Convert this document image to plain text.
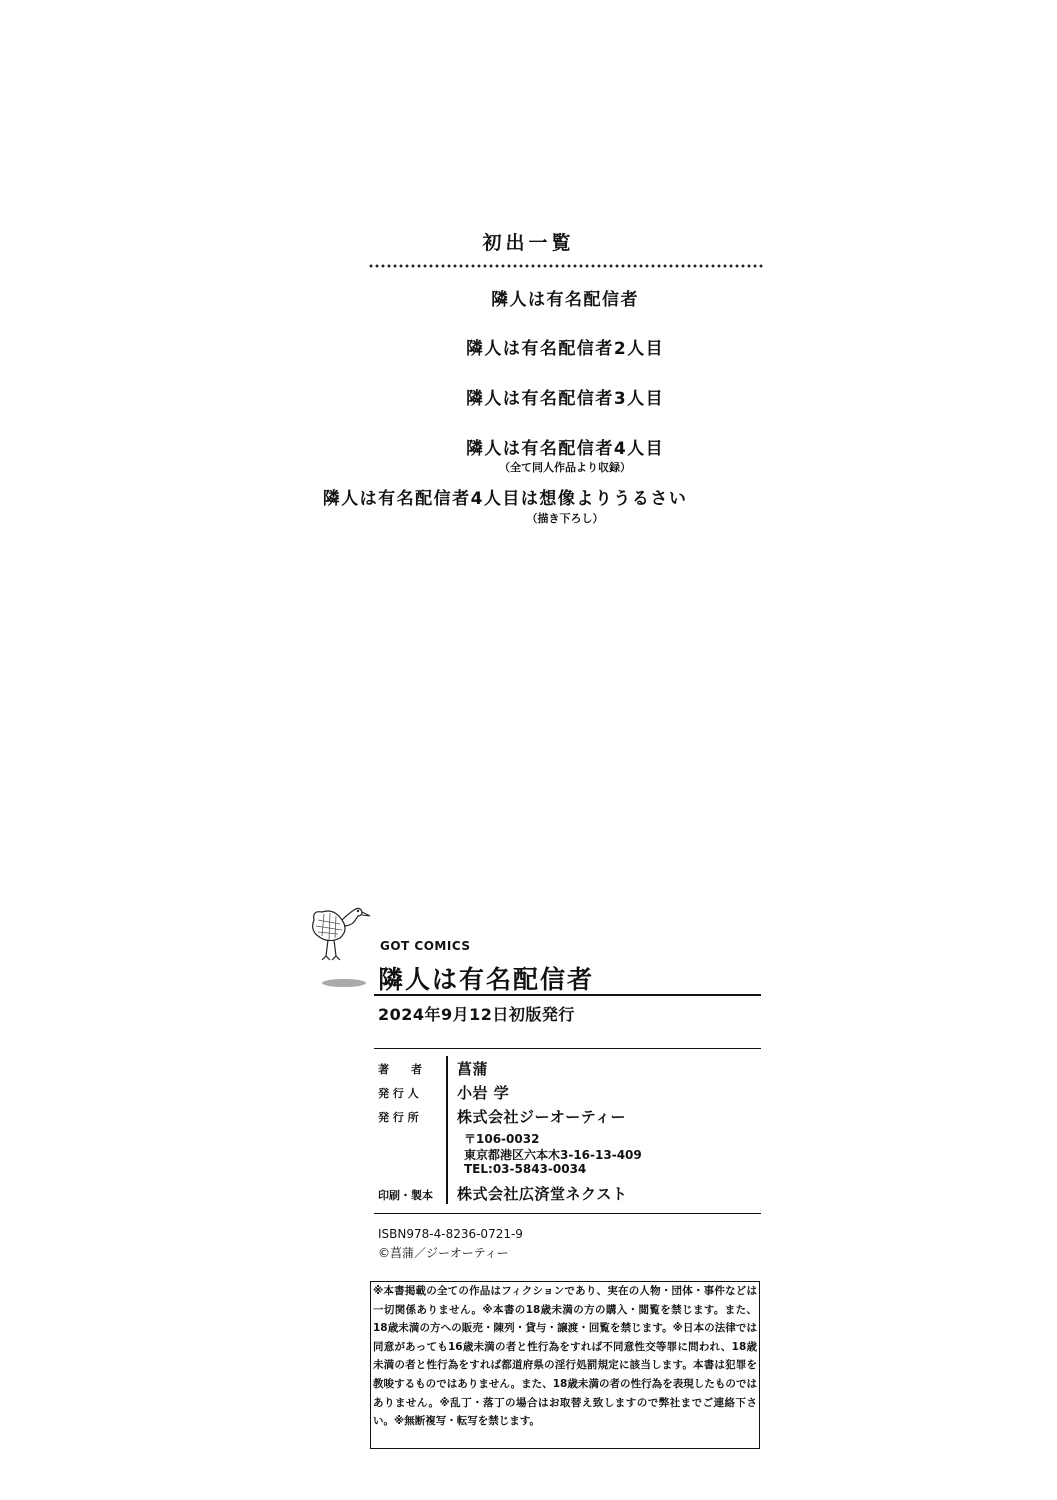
初出一覧
隣人は有名配信者
隣人は有名配信者2人目
隣人は有名配信者3人目
隣人は有名配信者4人目
（全て同人作品より収録）
隣人は有名配信者4人目は想像よりうるさい
（描き下ろし）
GOT COMICS
隣人は有名配信者
2024年9月12日初版発行
著　　者	菖蒲
発 行 人	小岩 学
発 行 所	株式会社ジーオーティー
〒106-0032
東京都港区六本木3-16-13-409
TEL:03-5843-0034
印刷・製本	株式会社広済堂ネクスト
ISBN978-4-8236-0721-9
©菖蒲／ジーオーティー
※本書掲載の全ての作品はフィクションであり、実在の人物・団体・事件などは一切関係ありません。※本書の18歳未満の方の購入・閲覧を禁じます。また、18歳未満の方への販売・陳列・貸与・譲渡・回覧を禁じます。※日本の法律では同意があっても16歳未満の者と性行為をすれば不同意性交等罪に問われ、18歳未満の者と性行為をすれば都道府県の淫行処罰規定に該当します。本書は犯罪を教唆するものではありません。また、18歳未満の者の性行為を表現したものではありません。※乱丁・落丁の場合はお取替え致しますので弊社までご連絡下さい。※無断複写・転写を禁じます。
